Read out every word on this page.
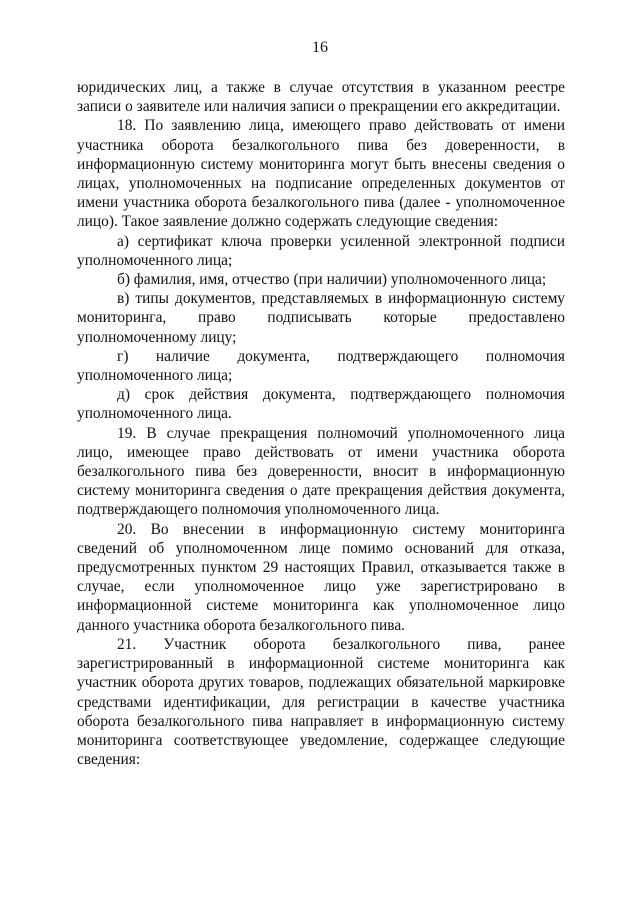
16

юридических лиц, а также в случае отсутствия в указанном реестре записи о заявителе или наличия записи о прекращении его аккредитации.

18. По заявлению лица, имеющего право действовать от имени участника оборота безалкогольного пива без доверенности, в информационную систему мониторинга могут быть внесены сведения о лицах, уполномоченных на подписание определенных документов от имени участника оборота безалкогольного пива (далее - уполномоченное лицо). Такое заявление должно содержать следующие сведения:

а) сертификат ключа проверки усиленной электронной подписи уполномоченного лица;

б) фамилия, имя, отчество (при наличии) уполномоченного лица;

в) типы документов, представляемых в информационную систему мониторинга, право подписывать которые предоставлено уполномоченному лицу;

г) наличие документа, подтверждающего полномочия уполномоченного лица;

д) срок действия документа, подтверждающего полномочия уполномоченного лица.

19. В случае прекращения полномочий уполномоченного лица лицо, имеющее право действовать от имени участника оборота безалкогольного пива без доверенности, вносит в информационную систему мониторинга сведения о дате прекращения действия документа, подтверждающего полномочия уполномоченного лица.

20. Во внесении в информационную систему мониторинга сведений об уполномоченном лице помимо оснований для отказа, предусмотренных пунктом 29 настоящих Правил, отказывается также в случае, если уполномоченное лицо уже зарегистрировано в информационной системе мониторинга как уполномоченное лицо данного участника оборота безалкогольного пива.

21. Участник оборота безалкогольного пива, ранее зарегистрированный в информационной системе мониторинга как участник оборота других товаров, подлежащих обязательной маркировке средствами идентификации, для регистрации в качестве участника оборота безалкогольного пива направляет в информационную систему мониторинга соответствующее уведомление, содержащее следующие сведения:
